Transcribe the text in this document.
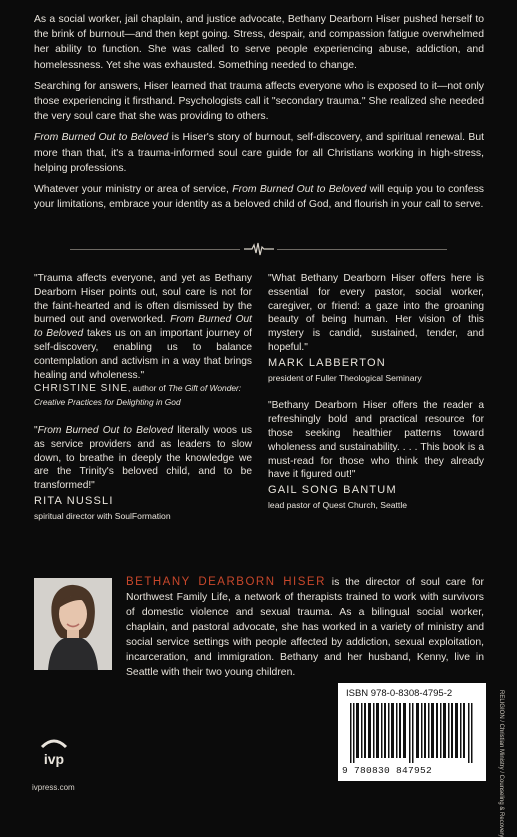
As a social worker, jail chaplain, and justice advocate, Bethany Dearborn Hiser pushed herself to the brink of burnout—and then kept going. Stress, despair, and compassion fatigue overwhelmed her ability to function. She was called to serve people experiencing abuse, addiction, and homelessness. Yet she was exhausted. Something needed to change.

Searching for answers, Hiser learned that trauma affects everyone who is exposed to it—not only those experiencing it firsthand. Psychologists call it "secondary trauma." She realized she needed the very soul care that she was providing to others.

From Burned Out to Beloved is Hiser's story of burnout, self-discovery, and spiritual renewal. But more than that, it's a trauma-informed soul care guide for all Christians working in high-stress, helping professions.

Whatever your ministry or area of service, From Burned Out to Beloved will equip you to confess your limitations, embrace your identity as a beloved child of God, and flourish in your call to serve.

"Trauma affects everyone, and yet as Bethany Dearborn Hiser points out, soul care is not for the faint-hearted and is often dismissed by the burned out and overworked. From Burned Out to Beloved takes us on an important journey of self-discovery, enabling us to balance contemplation and activism in a way that brings healing and wholeness."
CHRISTINE SINE, author of The Gift of Wonder: Creative Practices for Delighting in God
"From Burned Out to Beloved literally woos us as service providers and as leaders to slow down, to breathe in deeply the knowledge we are the Trinity's beloved child, and to be transformed!"
RITA NUSSLI
spiritual director with SoulFormation
"What Bethany Dearborn Hiser offers here is essential for every pastor, social worker, caregiver, or friend: a gaze into the groaning beauty of being human. Her vision of this mystery is candid, sustained, tender, and hopeful."
MARK LABBERTON
president of Fuller Theological Seminary
"Bethany Dearborn Hiser offers the reader a refreshingly bold and practical resource for those seeking healthier patterns toward wholeness and sustainability. . . . This book is a must-read for those who think they already have it figured out!"
GAIL SONG BANTUM
lead pastor of Quest Church, Seattle
BETHANY DEARBORN HISER is the director of soul care for Northwest Family Life, a network of therapists trained to work with survivors of domestic violence and sexual trauma. As a bilingual social worker, chaplain, and pastoral advocate, she has worked in a variety of ministry and social service settings with people affected by addiction, sexual exploitation, incarceration, and immigration. Bethany and her husband, Kenny, live in Seattle with their two young children.
ivp
ivpress.com
ISBN 978-0-8308-4795-2
9 780830 847952	RELIGION / Christian Ministry / Counseling & Recovery
